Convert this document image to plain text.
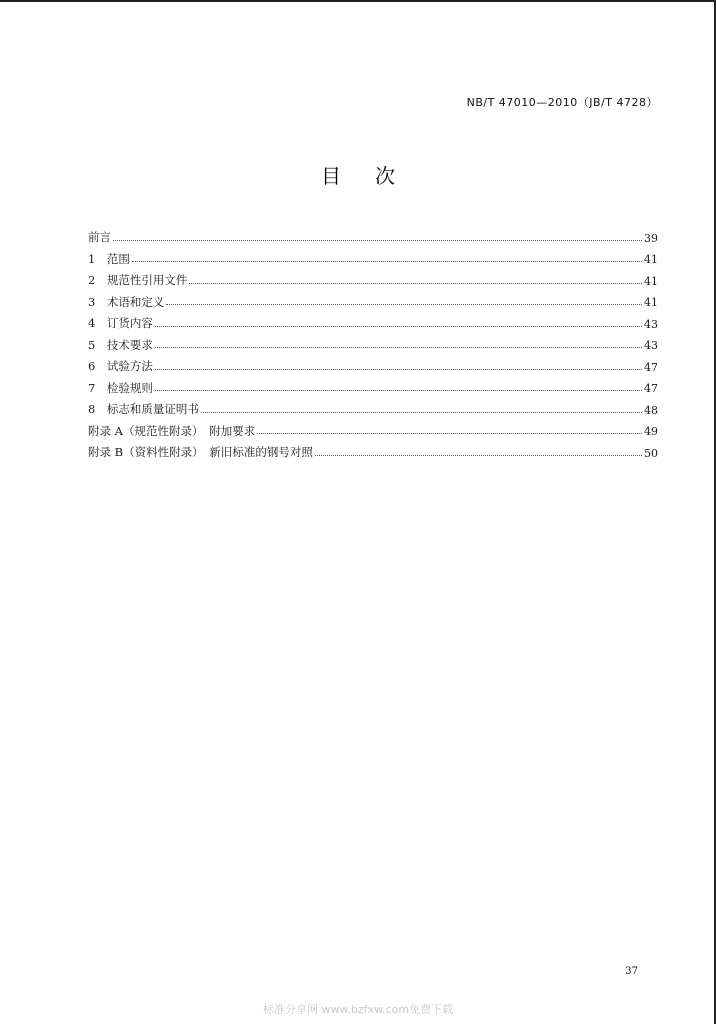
NB/T 47010—2010（JB/T 4728）
目次
前言	39
1　范围	41
2　规范性引用文件	41
3　术语和定义	41
4　订货内容	43
5　技术要求	43
6　试验方法	47
7　检验规则	47
8　标志和质量证明书	48
附录 A（规范性附录）　附加要求	49
附录 B（资料性附录）　新旧标准的钢号对照	50
37
标准分享网 www.bzfxw.com免费下载
